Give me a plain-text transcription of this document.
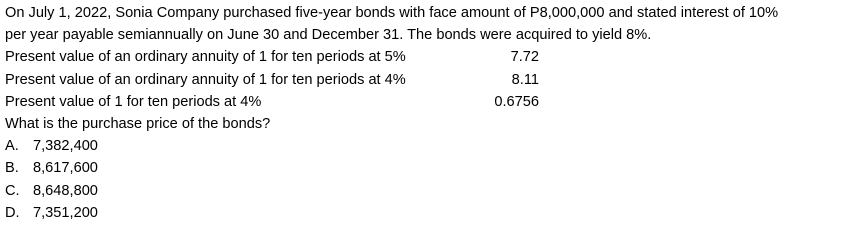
On July 1, 2022, Sonia Company purchased five-year bonds with face amount of P8,000,000 and stated interest of 10%
per year payable semiannually on June 30 and December 31. The bonds were acquired to yield 8%.
Present value of an ordinary annuity of 1 for ten periods at 5%	7.72
Present value of an ordinary annuity of 1 for ten periods at 4%	8.11
Present value of 1 for ten periods at 4%	0.6756
What is the purchase price of the bonds?
A. 7,382,400
B. 8,617,600
C. 8,648,800
D. 7,351,200
